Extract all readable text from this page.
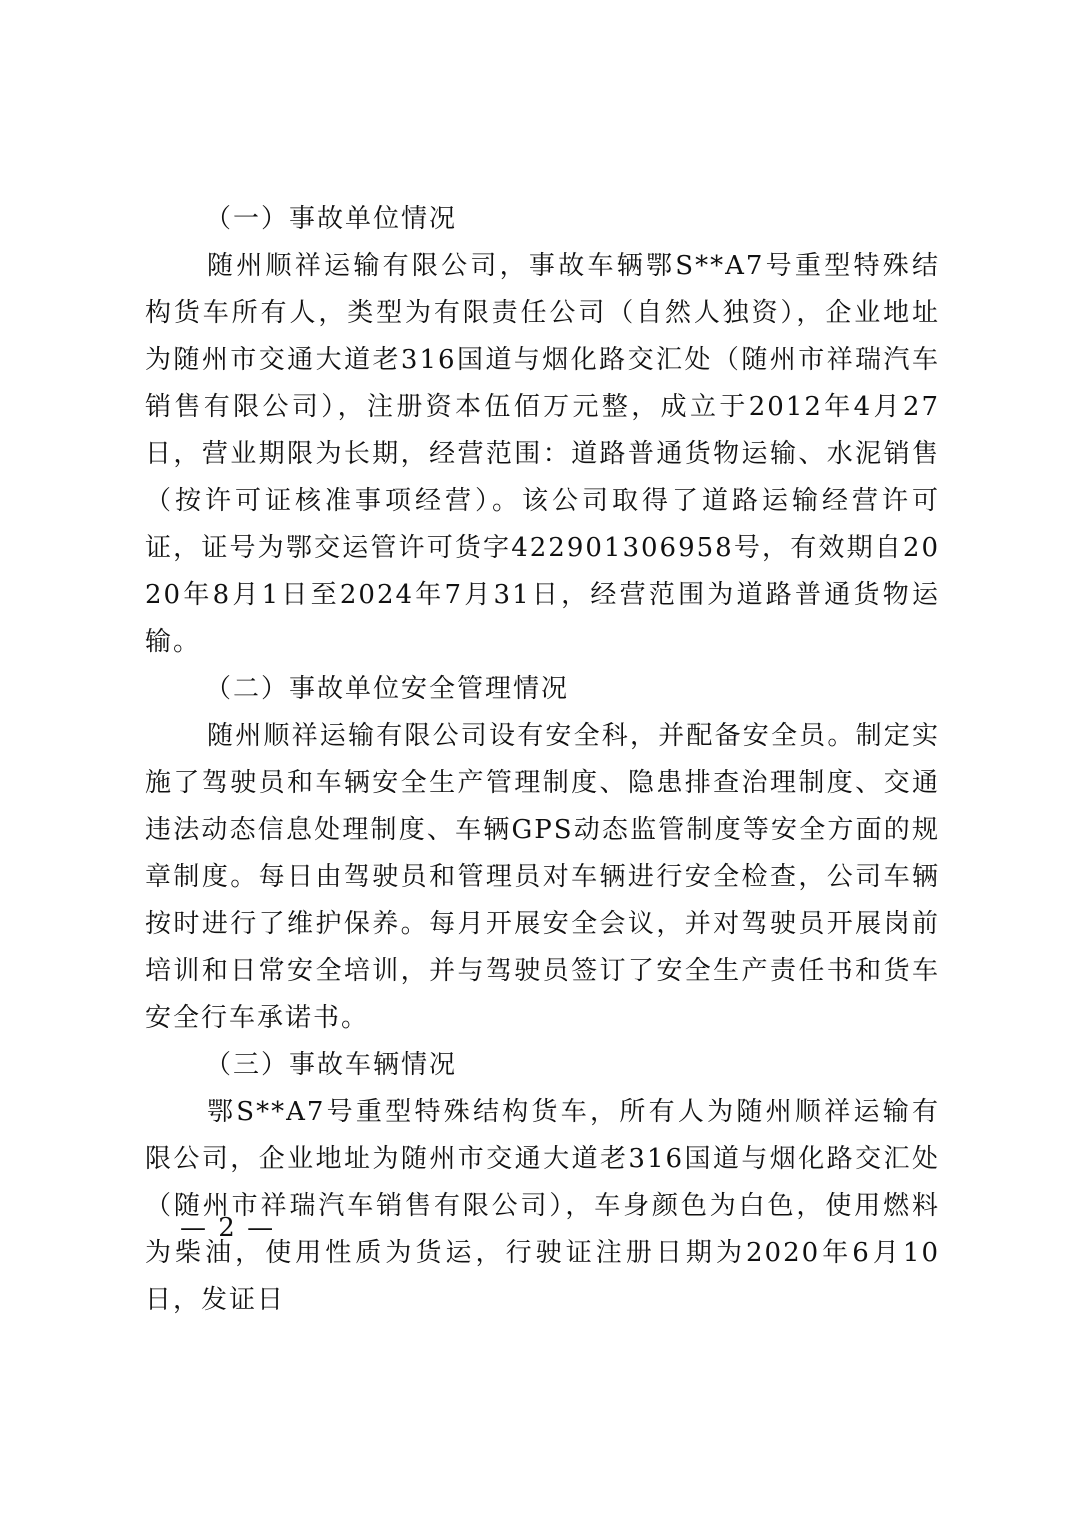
（一）事故单位情况

随州顺祥运输有限公司，事故车辆鄂S**A7号重型特殊结构货车所有人，类型为有限责任公司（自然人独资），企业地址为随州市交通大道老316国道与烟化路交汇处（随州市祥瑞汽车销售有限公司），注册资本伍佰万元整，成立于2012年4月27日，营业期限为长期，经营范围：道路普通货物运输、水泥销售（按许可证核准事项经营）。该公司取得了道路运输经营许可证，证号为鄂交运管许可货字422901306958号，有效期自2020年8月1日至2024年7月31日，经营范围为道路普通货物运输。

（二）事故单位安全管理情况

随州顺祥运输有限公司设有安全科，并配备安全员。制定实施了驾驶员和车辆安全生产管理制度、隐患排查治理制度、交通违法动态信息处理制度、车辆GPS动态监管制度等安全方面的规章制度。每日由驾驶员和管理员对车辆进行安全检查，公司车辆按时进行了维护保养。每月开展安全会议，并对驾驶员开展岗前培训和日常安全培训，并与驾驶员签订了安全生产责任书和货车安全行车承诺书。

（三）事故车辆情况

鄂S**A7号重型特殊结构货车，所有人为随州顺祥运输有限公司，企业地址为随州市交通大道老316国道与烟化路交汇处（随州市祥瑞汽车销售有限公司），车身颜色为白色，使用燃料为柴油，使用性质为货运，行驶证注册日期为2020年6月10日，发证日

— 2 —
